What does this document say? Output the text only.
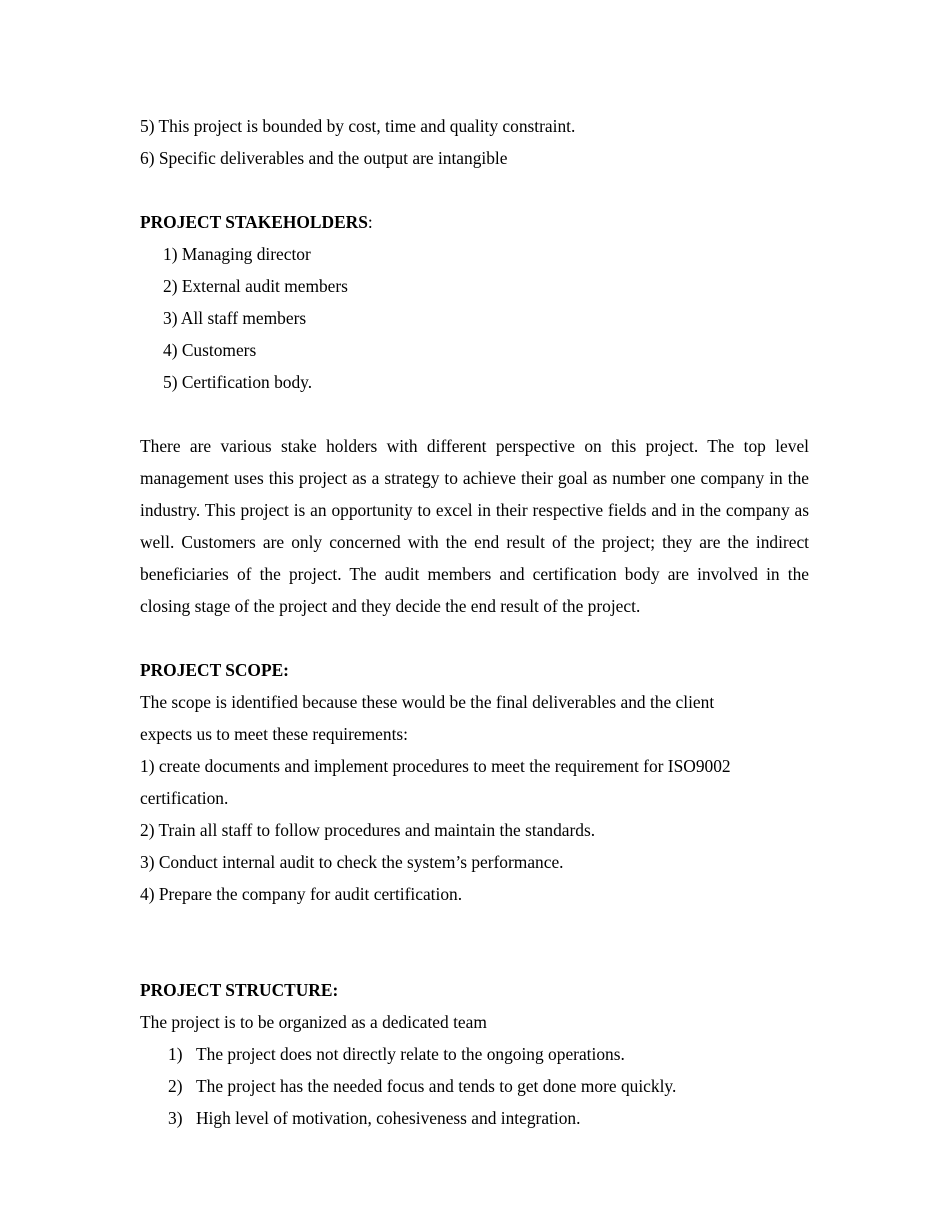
5) This project is bounded by cost, time and quality constraint.

6) Specific deliverables and the output are intangible

PROJECT STAKEHOLDERS:

1) Managing director

2) External audit members

3) All staff members

4) Customers

5) Certification body.

There are various stake holders with different perspective on this project. The top level management uses this project as a strategy to achieve their goal as number one company in the industry. This project is an opportunity to excel in their respective fields and in the company as well. Customers are only concerned with the end result of the project; they are the indirect beneficiaries of the project. The audit members and certification body are involved in the closing stage of the project and they decide the end result of the project.

PROJECT SCOPE:

The scope is identified because these would be the final deliverables and the client

expects us to meet these requirements:

1) create documents and implement procedures to meet the requirement for ISO9002

certification.

2) Train all staff to follow procedures and maintain the standards.

3) Conduct internal audit to check the system’s performance.

4) Prepare the company for audit certification.

PROJECT STRUCTURE:

The project is to be organized as a dedicated team

1) The project does not directly relate to the ongoing operations.
2) The project has the needed focus and tends to get done more quickly.
3) High level of motivation, cohesiveness and integration.
